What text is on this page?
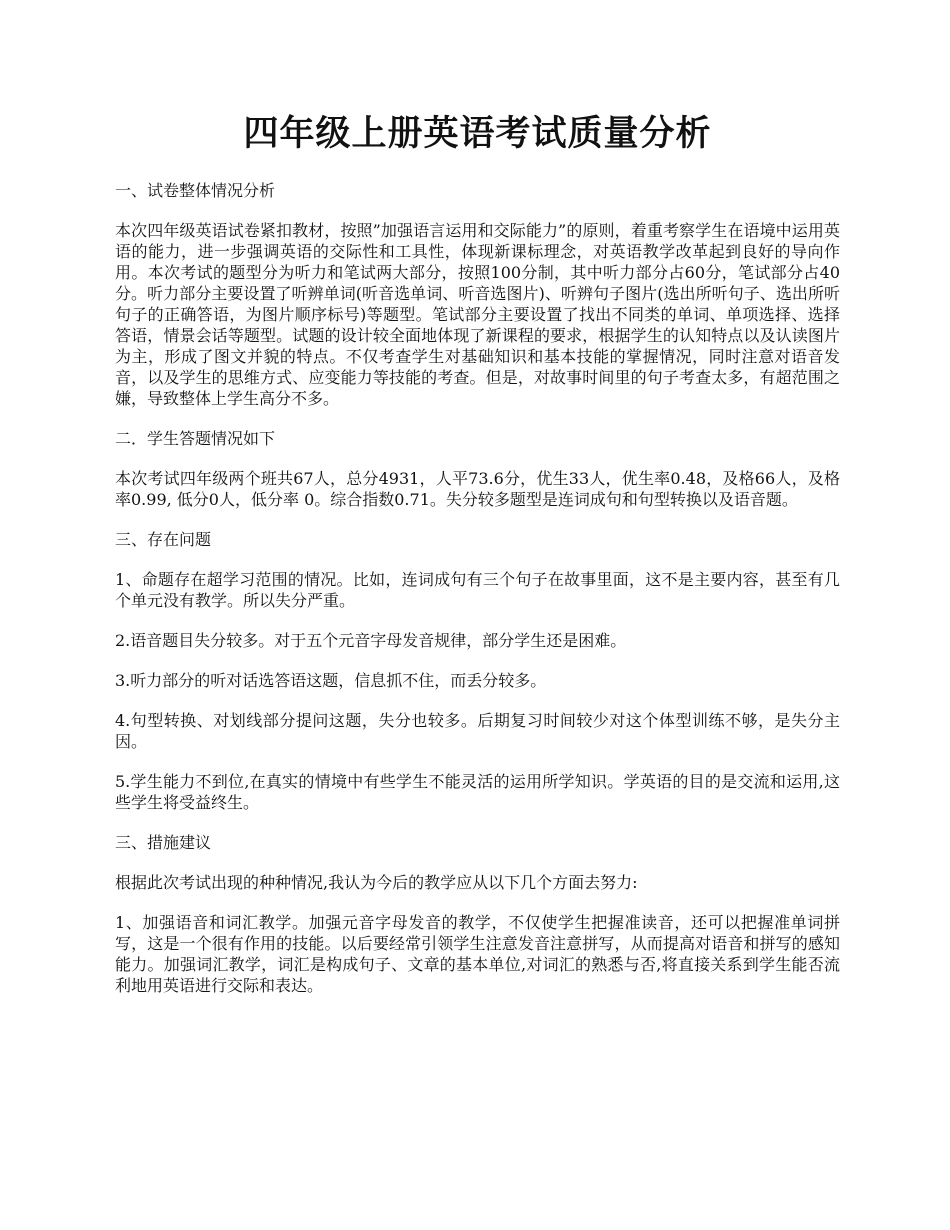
四年级上册英语考试质量分析
一、试卷整体情况分析
本次四年级英语试卷紧扣教材，按照”加强语言运用和交际能力”的原则，着重考察学生在语境中运用英语的能力，进一步强调英语的交际性和工具性，体现新课标理念，对英语教学改革起到良好的导向作用。本次考试的题型分为听力和笔试两大部分，按照100分制，其中听力部分占60分，笔试部分占40分。听力部分主要设置了听辨单词(听音选单词、听音选图片)、听辨句子图片(选出所听句子、选出所听句子的正确答语，为图片顺序标号)等题型。笔试部分主要设置了找出不同类的单词、单项选择、选择答语，情景会话等题型。试题的设计较全面地体现了新课程的要求，根据学生的认知特点以及认读图片为主，形成了图文并貌的特点。不仅考查学生对基础知识和基本技能的掌握情况，同时注意对语音发音，以及学生的思维方式、应变能力等技能的考查。但是，对故事时间里的句子考查太多，有超范围之嫌，导致整体上学生高分不多。
二．学生答题情况如下
本次考试四年级两个班共67人，总分4931，人平73.6分，优生33人，优生率0.48，及格66人，及格率0.99, 低分0人，低分率 0。综合指数0.71。失分较多题型是连词成句和句型转换以及语音题。
三、存在问题
1、命题存在超学习范围的情况。比如，连词成句有三个句子在故事里面，这不是主要内容，甚至有几个单元没有教学。所以失分严重。
2.语音题目失分较多。对于五个元音字母发音规律，部分学生还是困难。
3.听力部分的听对话选答语这题，信息抓不住，而丢分较多。
4.句型转换、对划线部分提问这题，失分也较多。后期复习时间较少对这个体型训练不够，是失分主因。
5.学生能力不到位,在真实的情境中有些学生不能灵活的运用所学知识。学英语的目的是交流和运用,这些学生将受益终生。
三、措施建议
根据此次考试出现的种种情况,我认为今后的教学应从以下几个方面去努力:
1、加强语音和词汇教学。加强元音字母发音的教学，不仅使学生把握准读音，还可以把握准单词拼写，这是一个很有作用的技能。以后要经常引领学生注意发音注意拼写，从而提高对语音和拼写的感知能力。加强词汇教学，词汇是构成句子、文章的基本单位,对词汇的熟悉与否,将直接关系到学生能否流利地用英语进行交际和表达。
